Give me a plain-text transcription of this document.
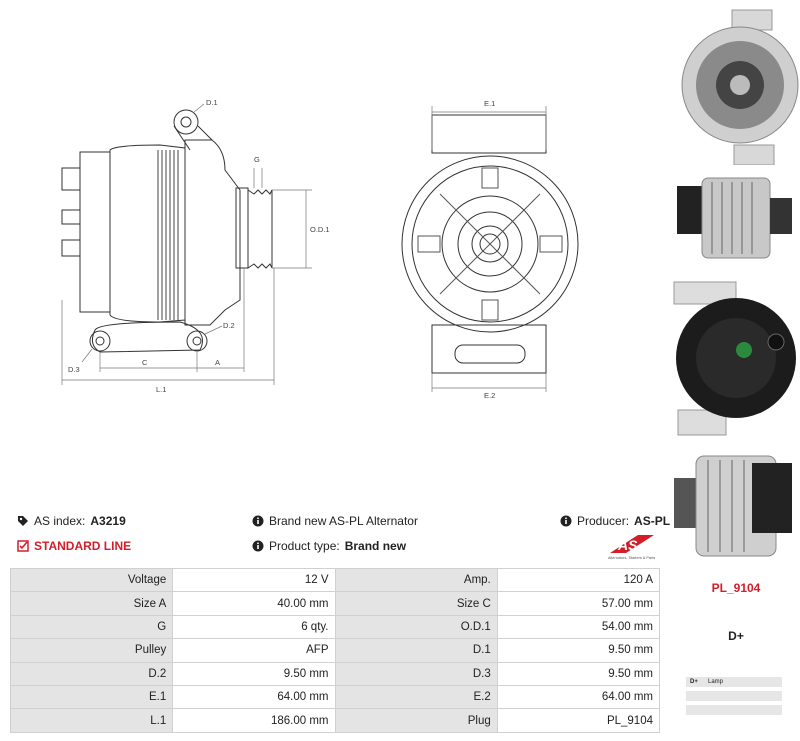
D.1
G
O.D.1
D.2
D.3
C	A
L.1
E.1
E.2
AS index: A3219
STANDARD LINE
Brand new AS-PL Alternator
Product type: Brand new
Producer: AS-PL
AS
Alternators, Starters & Parts
Voltage	12 V	Amp.	120 A
Size A	40.00 mm	Size C	57.00 mm
G	6 qty.	O.D.1	54.00 mm
Pulley	AFP	D.1	9.50 mm
D.2	9.50 mm	D.3	9.50 mm
E.1	64.00 mm	E.2	64.00 mm
L.1	186.00 mm	Plug	PL_9104
PL_9104
D+
D+ Lamp
